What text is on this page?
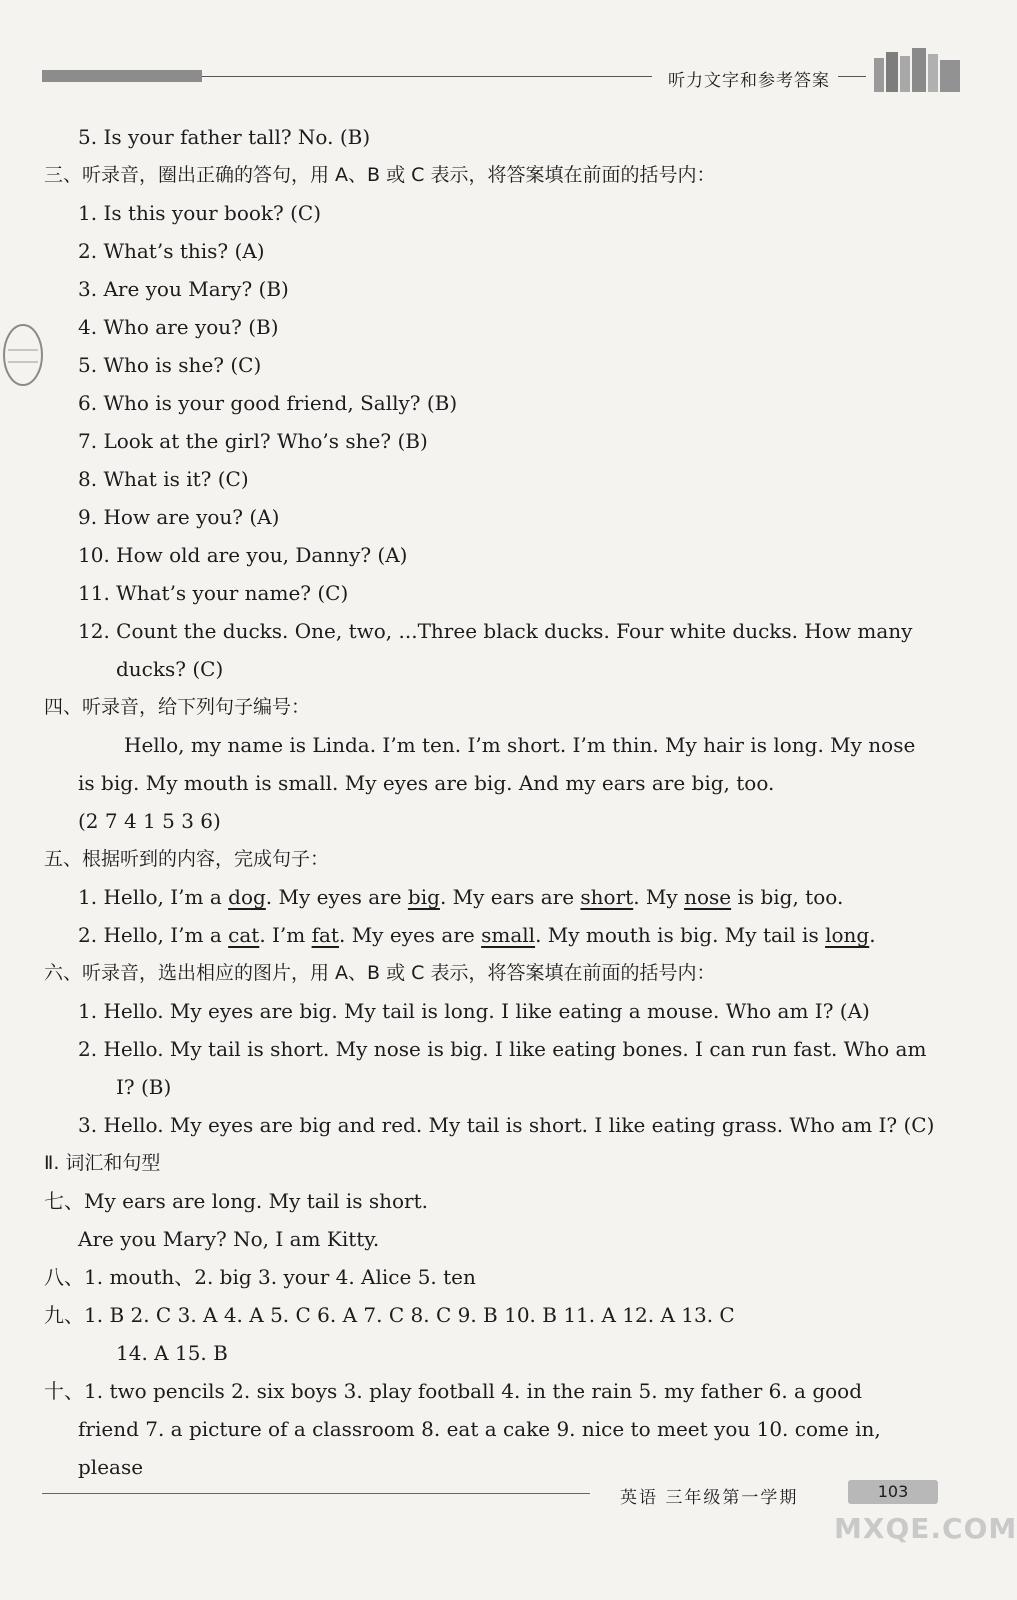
听力文字和参考答案
5. Is your father tall? No. (B)
三、听录音，圈出正确的答句，用 A、B 或 C 表示，将答案填在前面的括号内：
1. Is this your book? (C)
2. What’s this? (A)
3. Are you Mary? (B)
4. Who are you? (B)
5. Who is she? (C)
6. Who is your good friend, Sally? (B)
7. Look at the girl? Who’s she? (B)
8. What is it? (C)
9. How are you? (A)
10. How old are you, Danny? (A)
11. What’s your name? (C)
12. Count the ducks. One, two, ...Three black ducks. Four white ducks. How many
ducks? (C)
四、听录音，给下列句子编号：
Hello, my name is Linda. I’m ten. I’m short. I’m thin. My hair is long. My nose
is big. My mouth is small. My eyes are big. And my ears are big, too.
(2 7 4 1 5 3 6)
五、根据听到的内容，完成句子：
1. Hello, I’m a dog. My eyes are big. My ears are short. My nose is big, too.
2. Hello, I’m a cat. I’m fat. My eyes are small. My mouth is big. My tail is long.
六、听录音，选出相应的图片，用 A、B 或 C 表示，将答案填在前面的括号内：
1. Hello. My eyes are big. My tail is long. I like eating a mouse. Who am I? (A)
2. Hello. My tail is short. My nose is big. I like eating bones. I can run fast. Who am
I? (B)
3. Hello. My eyes are big and red. My tail is short. I like eating grass. Who am I? (C)
Ⅱ. 词汇和句型
七、My ears are long. My tail is short.
Are you Mary? No, I am Kitty.
八、1. mouth、2. big 3. your 4. Alice 5. ten
九、1. B 2. C 3. A 4. A 5. C 6. A 7. C 8. C 9. B 10. B 11. A 12. A 13. C
14. A 15. B
十、1. two pencils 2. six boys 3. play football 4. in the rain 5. my father 6. a good
friend 7. a picture of a classroom 8. eat a cake 9. nice to meet you 10. come in,
please
英语 三年级第一学期	103
MXQE.COM
